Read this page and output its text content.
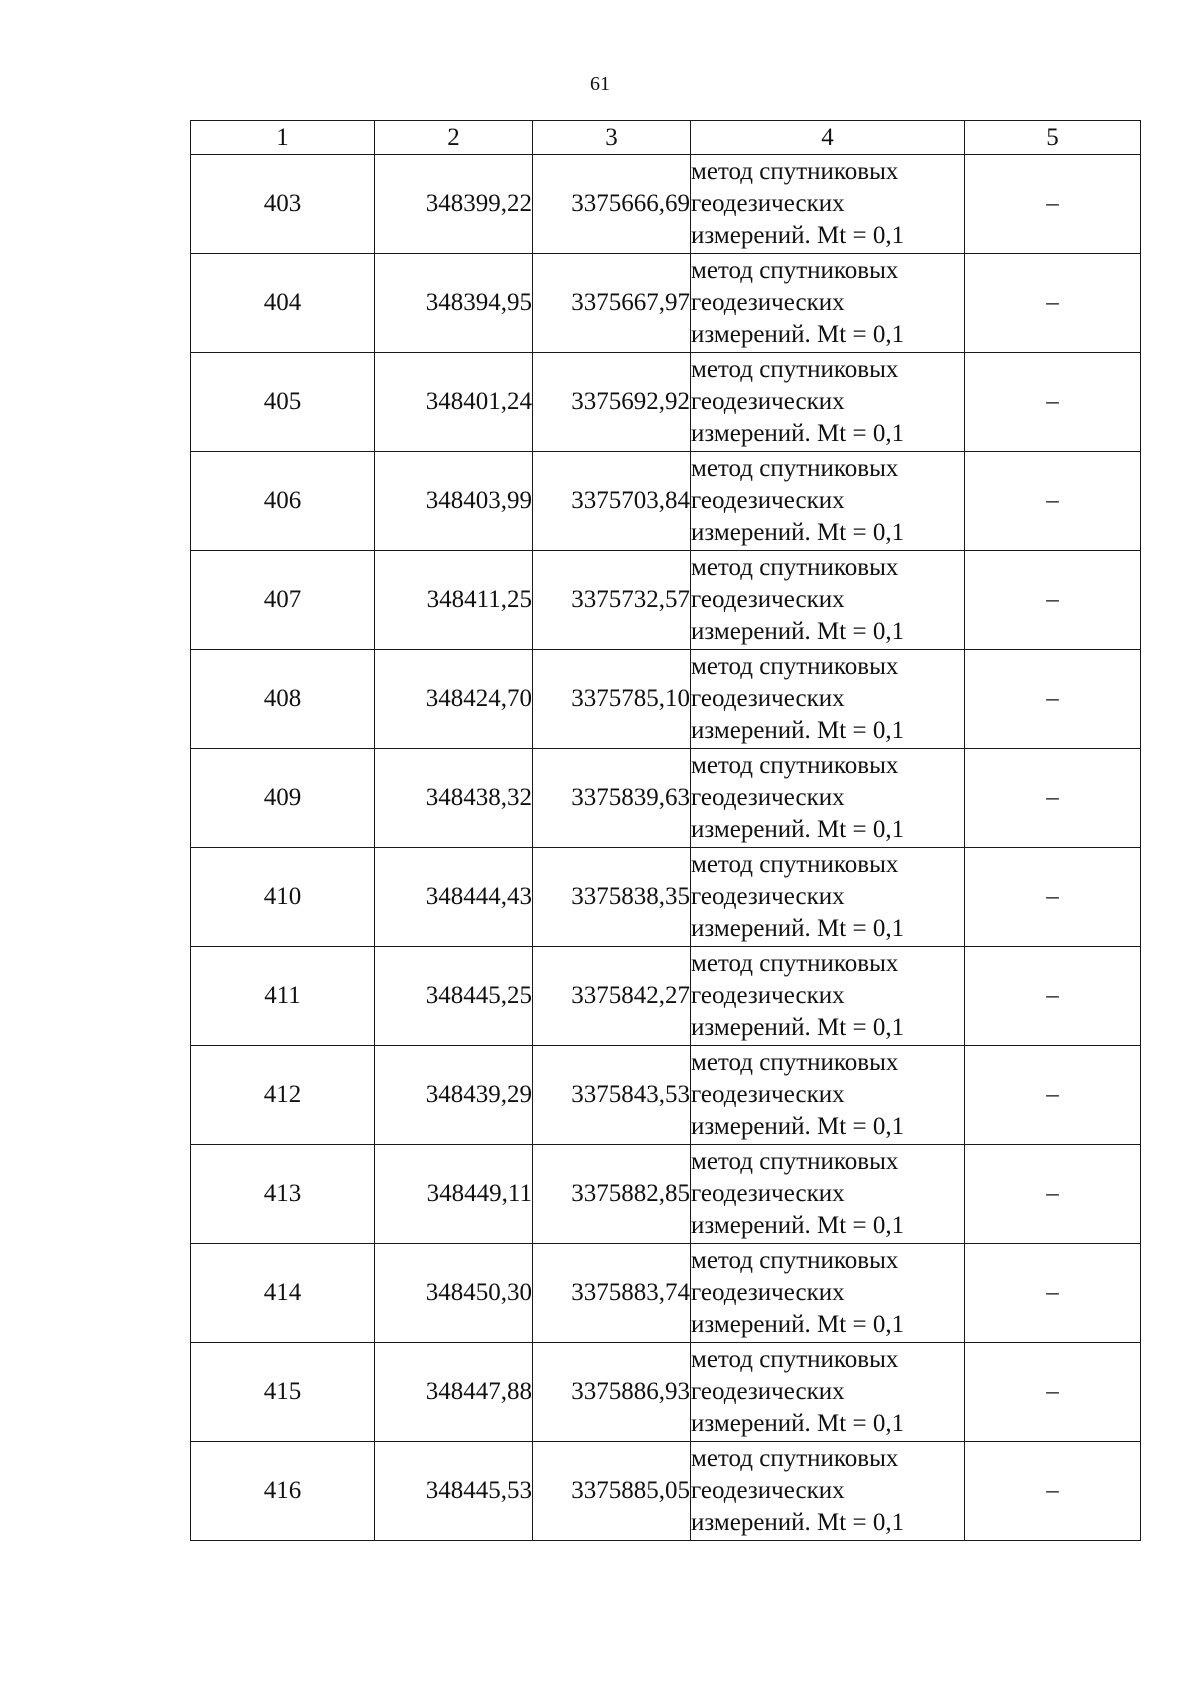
61
1	2	3	4	5
403	348399,22	3375666,69	метод спутниковых
геодезических
измерений. Mt = 0,1	–
404	348394,95	3375667,97	метод спутниковых
геодезических
измерений. Mt = 0,1	–
405	348401,24	3375692,92	метод спутниковых
геодезических
измерений. Mt = 0,1	–
406	348403,99	3375703,84	метод спутниковых
геодезических
измерений. Mt = 0,1	–
407	348411,25	3375732,57	метод спутниковых
геодезических
измерений. Mt = 0,1	–
408	348424,70	3375785,10	метод спутниковых
геодезических
измерений. Mt = 0,1	–
409	348438,32	3375839,63	метод спутниковых
геодезических
измерений. Mt = 0,1	–
410	348444,43	3375838,35	метод спутниковых
геодезических
измерений. Mt = 0,1	–
411	348445,25	3375842,27	метод спутниковых
геодезических
измерений. Mt = 0,1	–
412	348439,29	3375843,53	метод спутниковых
геодезических
измерений. Mt = 0,1	–
413	348449,11	3375882,85	метод спутниковых
геодезических
измерений. Mt = 0,1	–
414	348450,30	3375883,74	метод спутниковых
геодезических
измерений. Mt = 0,1	–
415	348447,88	3375886,93	метод спутниковых
геодезических
измерений. Mt = 0,1	–
416	348445,53	3375885,05	метод спутниковых
геодезических
измерений. Mt = 0,1	–
